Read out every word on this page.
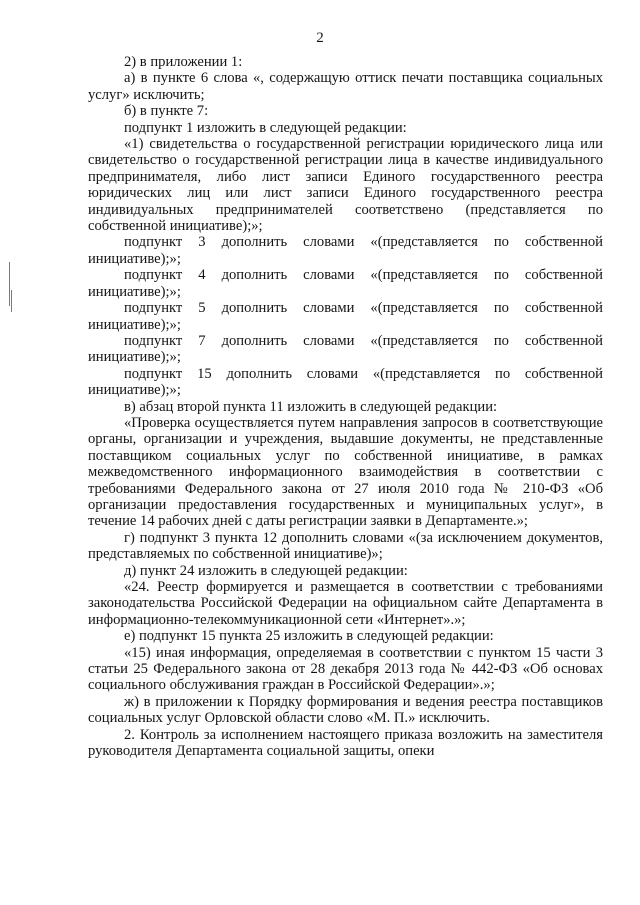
2

2) в приложении 1:

а) в пункте 6 слова «, содержащую оттиск печати поставщика социальных услуг» исключить;

б) в пункте 7:

подпункт 1 изложить в следующей редакции:

«1) свидетельства о государственной регистрации юридического лица или свидетельство о государственной регистрации лица в качестве индивидуального предпринимателя, либо лист записи Единого государственного реестра юридических лиц или лист записи Единого государственного реестра индивидуальных предпринимателей соответствено (представляется по собственной инициативе);»;

подпункт 3 дополнить словами «(представляется по собственной инициативе);»;

подпункт 4 дополнить словами «(представляется по собственной инициативе);»;

подпункт 5 дополнить словами «(представляется по собственной инициативе);»;

подпункт 7 дополнить словами «(представляется по собственной инициативе);»;

подпункт 15 дополнить словами «(представляется по собственной инициативе);»;

в) абзац второй пункта 11 изложить в следующей редакции:

«Проверка осуществляется путем направления запросов в соответствующие органы, организации и учреждения, выдавшие документы, не представленные поставщиком социальных услуг по собственной инициативе, в рамках межведомственного информационного взаимодействия в соответствии с требованиями Федерального закона от 27 июля 2010 года № 210-ФЗ «Об организации предоставления государственных и муниципальных услуг», в течение 14 рабочих дней с даты регистрации заявки в Департаменте.»;

г) подпункт 3 пункта 12 дополнить словами «(за исключением документов, представляемых по собственной инициативе)»;

д) пункт 24 изложить в следующей редакции:

«24. Реестр формируется и размещается в соответствии с требованиями законодательства Российской Федерации на официальном сайте Департамента в информационно-телекоммуникационной сети «Интернет».»;

е) подпункт 15 пункта 25 изложить в следующей редакции:

«15) иная информация, определяемая в соответствии с пунктом 15 части 3 статьи 25 Федерального закона от 28 декабря 2013 года № 442-ФЗ «Об основах социального обслуживания граждан в Российской Федерации».»;

ж) в приложении к Порядку формирования и ведения реестра поставщиков социальных услуг Орловской области слово «М. П.» исключить.

2. Контроль за исполнением настоящего приказа возложить на заместителя руководителя Департамента социальной защиты, опеки
